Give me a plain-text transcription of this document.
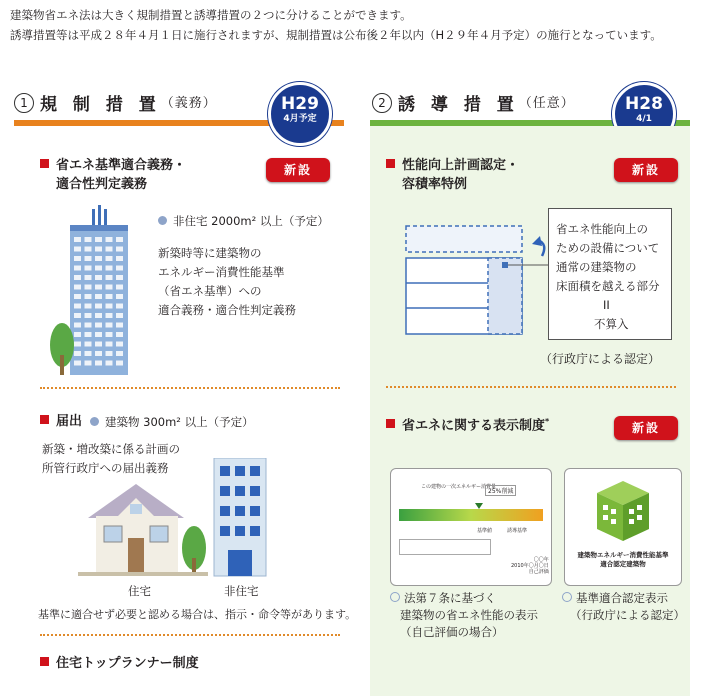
建築物省エネ法は大きく規制措置と誘導措置の２つに分けることができます。
誘導措置等は平成２８年４月１日に施行されますが、規制措置は公布後２年以内（H２９年４月予定）の施行となっています。
1 規 制 措 置（義務）	H29
4月予定
2 誘 導 措 置（任意）	H28
4/1
省エネ基準適合義務・
適合性判定義務
新設
非住宅 2000m² 以上（予定）
新築時等に建築物の
エネルギー消費性能基準
（省エネ基準）への
適合義務・適合性判定義務
届出	建築物 300m² 以上（予定）
新築・増改築に係る計画の
所管行政庁への届出義務
住宅	非住宅
基準に適合せず必要と認める場合は、指示・命令等があります。
住宅トップランナー制度
性能向上計画認定・
容積率特例
新設
省エネ性能向上の
ための設備について
通常の建築物の
床面積を越える部分
II
不算入
（行政庁による認定）
省エネに関する表示制度*	新設
この建物の一次エネルギー消費量
25%削減
基準値	誘導基準
〇〇年
2010年〇月〇日
自己評価
建築物エネルギー消費性能基準
適合認定建築物
法第７条に基づく
建築物の省エネ性能の表示
（自己評価の場合）
基準適合認定表示
（行政庁による認定）
